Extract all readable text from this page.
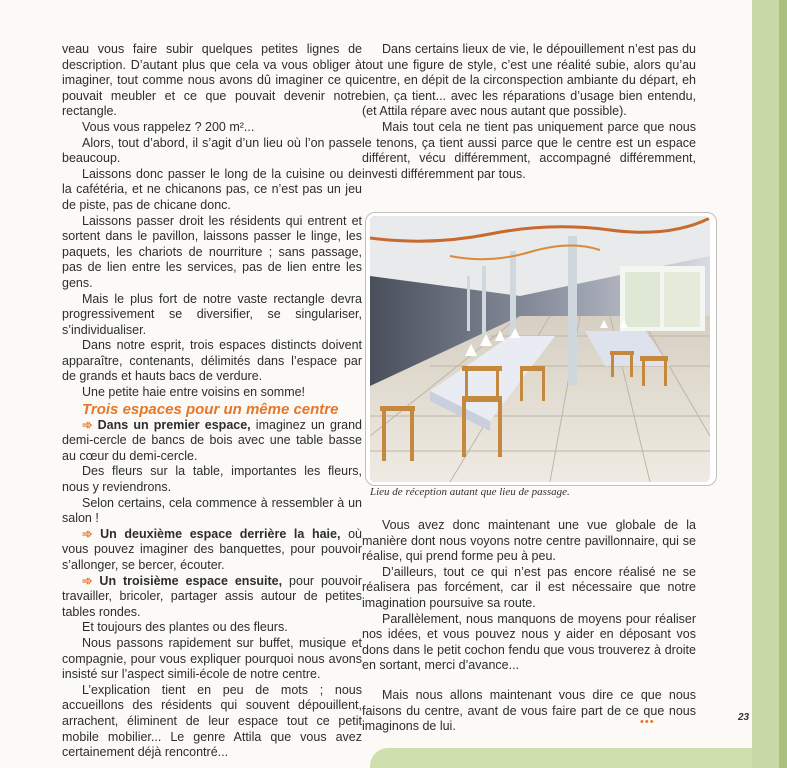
veau vous faire subir quelques petites lignes de description. D’autant plus que cela va vous obliger à imaginer, tout comme nous avons dû imaginer ce qui pouvait meubler et ce que pouvait devenir notre rectangle.

Vous vous rappelez ? 200 m²...

Alors, tout d’abord, il s’agit d’un lieu où l’on passe beaucoup.

Laissons donc passer le long de la cuisine ou de la cafétéria, et ne chicanons pas, ce n’est pas un jeu de piste, pas de chicane donc.

Laissons passer droit les résidents qui entrent et sortent dans le pavillon, laissons passer le linge, les paquets, les chariots de nourriture ; sans passage, pas de lien entre les services, pas de lien entre les gens.

Mais le plus fort de notre vaste rectangle devra progressivement se diversifier, se singulariser, s’individualiser.

Dans notre esprit, trois espaces distincts doivent apparaître, contenants, délimités dans l’espace par de grands et hauts bacs de verdure.

Une petite haie entre voisins en somme!

Trois espaces pour un même centre

➾ Dans un premier espace, imaginez un grand demi-cercle de bancs de bois avec une table basse au cœur du demi-cercle.

Des fleurs sur la table, importantes les fleurs, nous y reviendrons.

Selon certains, cela commence à ressembler à un salon !

➾ Un deuxième espace derrière la haie, où vous pouvez imaginer des banquettes, pour pouvoir s’allonger, se bercer, écouter.

➾ Un troisième espace ensuite, pour pouvoir travailler, bricoler, partager assis autour de petites tables rondes.

Et toujours des plantes ou des fleurs.

Nous passons rapidement sur buffet, musique et compagnie, pour vous expliquer pourquoi nous avons insisté sur l’aspect simili-école de notre centre.

L’explication tient en peu de mots ; nous accueillons des résidents qui souvent dépouillent, arrachent, éliminent de leur espace tout ce petit mobile mobilier... Le genre Attila que vous avez certainement déjà rencontré...

Dans certains lieux de vie, le dépouillement n’est pas du tout une figure de style, c’est une réalité subie, alors qu’au centre, en dépit de la circonspection ambiante du départ, eh bien, ça tient... avec les réparations d’usage bien entendu, (et Attila répare avec nous autant que possible).

Mais tout cela ne tient pas uniquement parce que nous le tenons, ça tient aussi parce que le centre est un espace différent, vécu différemment, accompagné différemment, investi différemment par tous.

Lieu de réception autant que lieu de passage.

Vous avez donc maintenant une vue globale de la manière dont nous voyons notre centre pavillonnaire, qui se réalise, qui prend forme peu à peu.

D’ailleurs, tout ce qui n’est pas encore réalisé ne se réalisera pas forcément, car il est nécessaire que notre imagination poursuive sa route.

Parallèlement, nous manquons de moyens pour réaliser nos idées, et vous pouvez nous y aider en déposant vos dons dans le petit cochon fendu que vous trouverez à droite en sortant, merci d’avance...

Mais nous allons maintenant vous dire ce que nous faisons du centre, avant de vous faire part de ce que nous imaginons de lui.	•••	23
